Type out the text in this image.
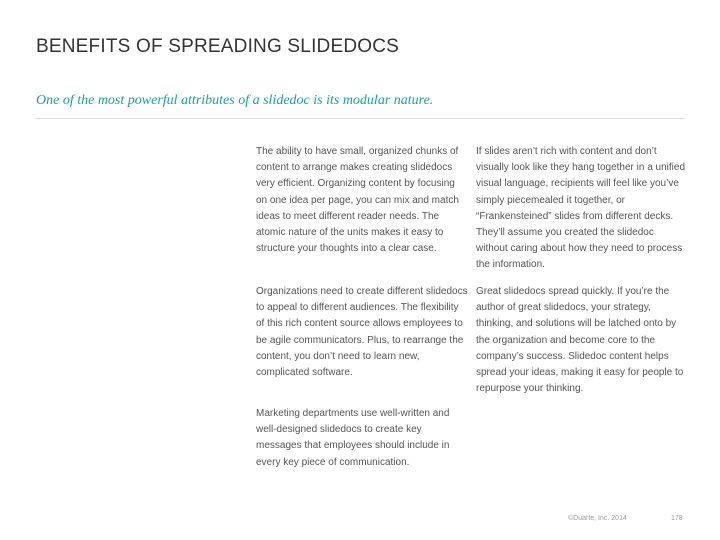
BENEFITS OF SPREADING SLIDEDOCS
One of the most powerful attributes of a slidedoc is its modular nature.
The ability to have small, organized chunks of content to arrange makes creating slidedocs very efficient. Organizing content by focusing on one idea per page, you can mix and match ideas to meet different reader needs. The atomic nature of the units makes it easy to structure your thoughts into a clear case.
If slides aren’t rich with content and don’t visually look like they hang together in a unified visual language, recipients will feel like you’ve simply piecemealed it together, or “Frankensteined” slides from different decks. They’ll assume you created the slidedoc without caring about how they need to process the information.
Organizations need to create different slidedocs to appeal to different audiences. The flexibility of this rich content source allows employees to be agile communicators. Plus, to rearrange the content, you don’t need to learn new, complicated software.
Great slidedocs spread quickly. If you’re the author of great slidedocs, your strategy, thinking, and solutions will be latched onto by the organization and become core to the company’s success. Slidedoc content helps spread your ideas, making it easy for people to repurpose your thinking.
Marketing departments use well-written and well-designed slidedocs to create key messages that employees should include in every key piece of communication.
©Duarte, Inc. 2014	178
